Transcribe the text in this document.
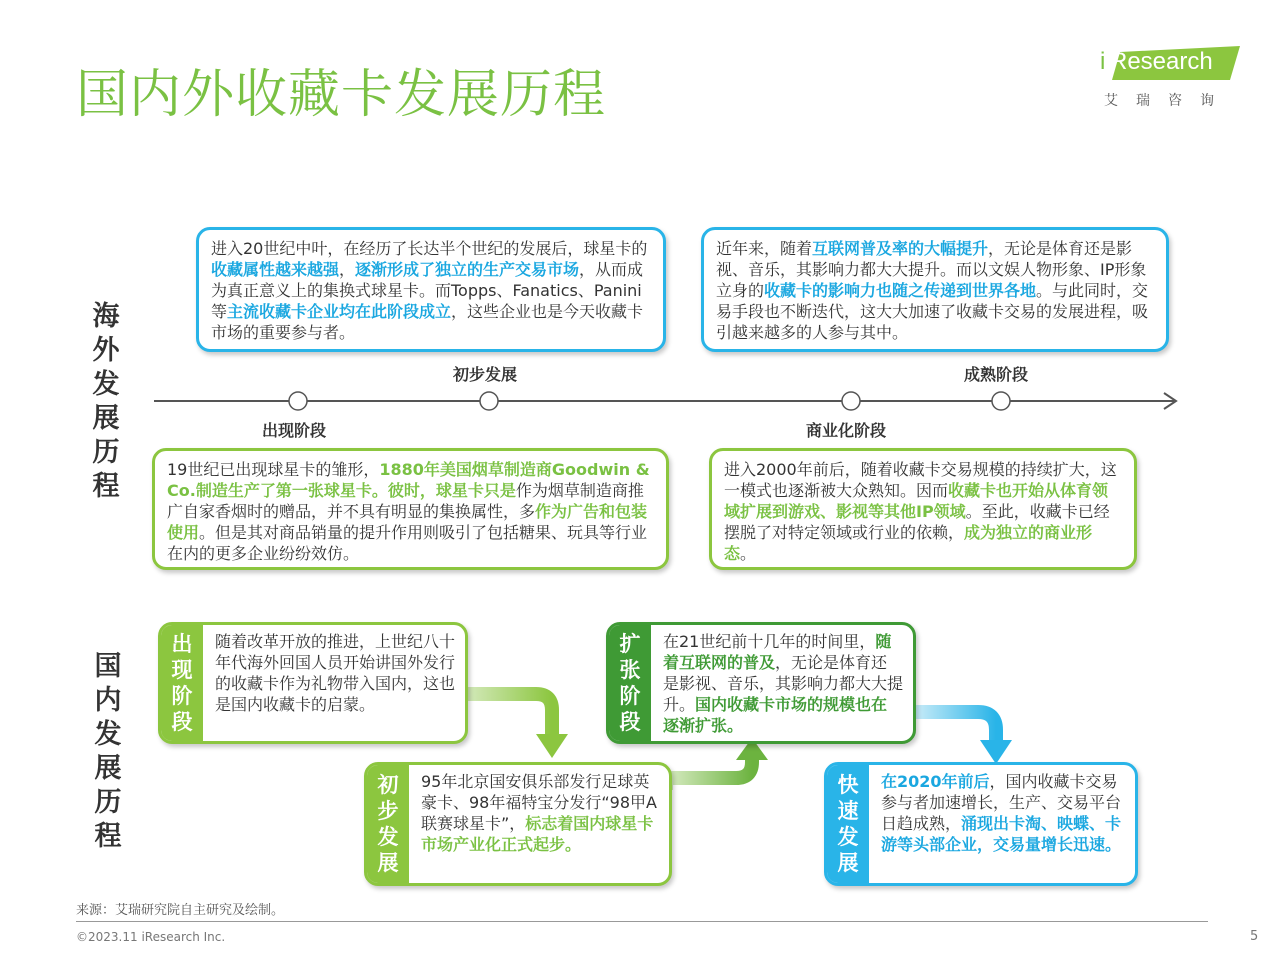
国内外收藏卡发展历程
i Research
艾瑞咨询
海
外
发
展
历
程
进入20世纪中叶，在经历了长达半个世纪的发展后，球星卡的收藏属性越来越强，逐渐形成了独立的生产交易市场，从而成为真正意义上的集换式球星卡。而Topps、Fanatics、Panini等主流收藏卡企业均在此阶段成立，这些企业也是今天收藏卡市场的重要参与者。
近年来，随着互联网普及率的大幅提升，无论是体育还是影视、音乐，其影响力都大大提升。而以文娱人物形象、IP形象立身的收藏卡的影响力也随之传递到世界各地。与此同时，交易手段也不断迭代，这大大加速了收藏卡交易的发展进程，吸引越来越多的人参与其中。
出现阶段
初步发展
商业化阶段
成熟阶段
19世纪已出现球星卡的雏形，1880年美国烟草制造商Goodwin & Co.制造生产了第一张球星卡。彼时，球星卡只是作为烟草制造商推广自家香烟时的赠品，并不具有明显的集换属性，多作为广告和包装使用。但是其对商品销量的提升作用则吸引了包括糖果、玩具等行业在内的更多企业纷纷效仿。
进入2000年前后，随着收藏卡交易规模的持续扩大，这一模式也逐渐被大众熟知。因而收藏卡也开始从体育领域扩展到游戏、影视等其他IP领域。至此，收藏卡已经摆脱了对特定领域或行业的依赖，成为独立的商业形态。
国
内
发
展
历
程
出
现
阶
段
随着改革开放的推进，上世纪八十年代海外回国人员开始讲国外发行的收藏卡作为礼物带入国内，这也是国内收藏卡的启蒙。
初
步
发
展
95年北京国安俱乐部发行足球英豪卡、98年福特宝分发行“98甲A联赛球星卡”，标志着国内球星卡市场产业化正式起步。
扩
张
阶
段
在21世纪前十几年的时间里，随着互联网的普及，无论是体育还是影视、音乐，其影响力都大大提升。国内收藏卡市场的规模也在逐渐扩张。
快
速
发
展
在2020年前后，国内收藏卡交易参与者加速增长，生产、交易平台日趋成熟，涌现出卡淘、映蝶、卡游等头部企业，交易量增长迅速。
来源：艾瑞研究院自主研究及绘制。
©2023.11 iResearch Inc.	5
